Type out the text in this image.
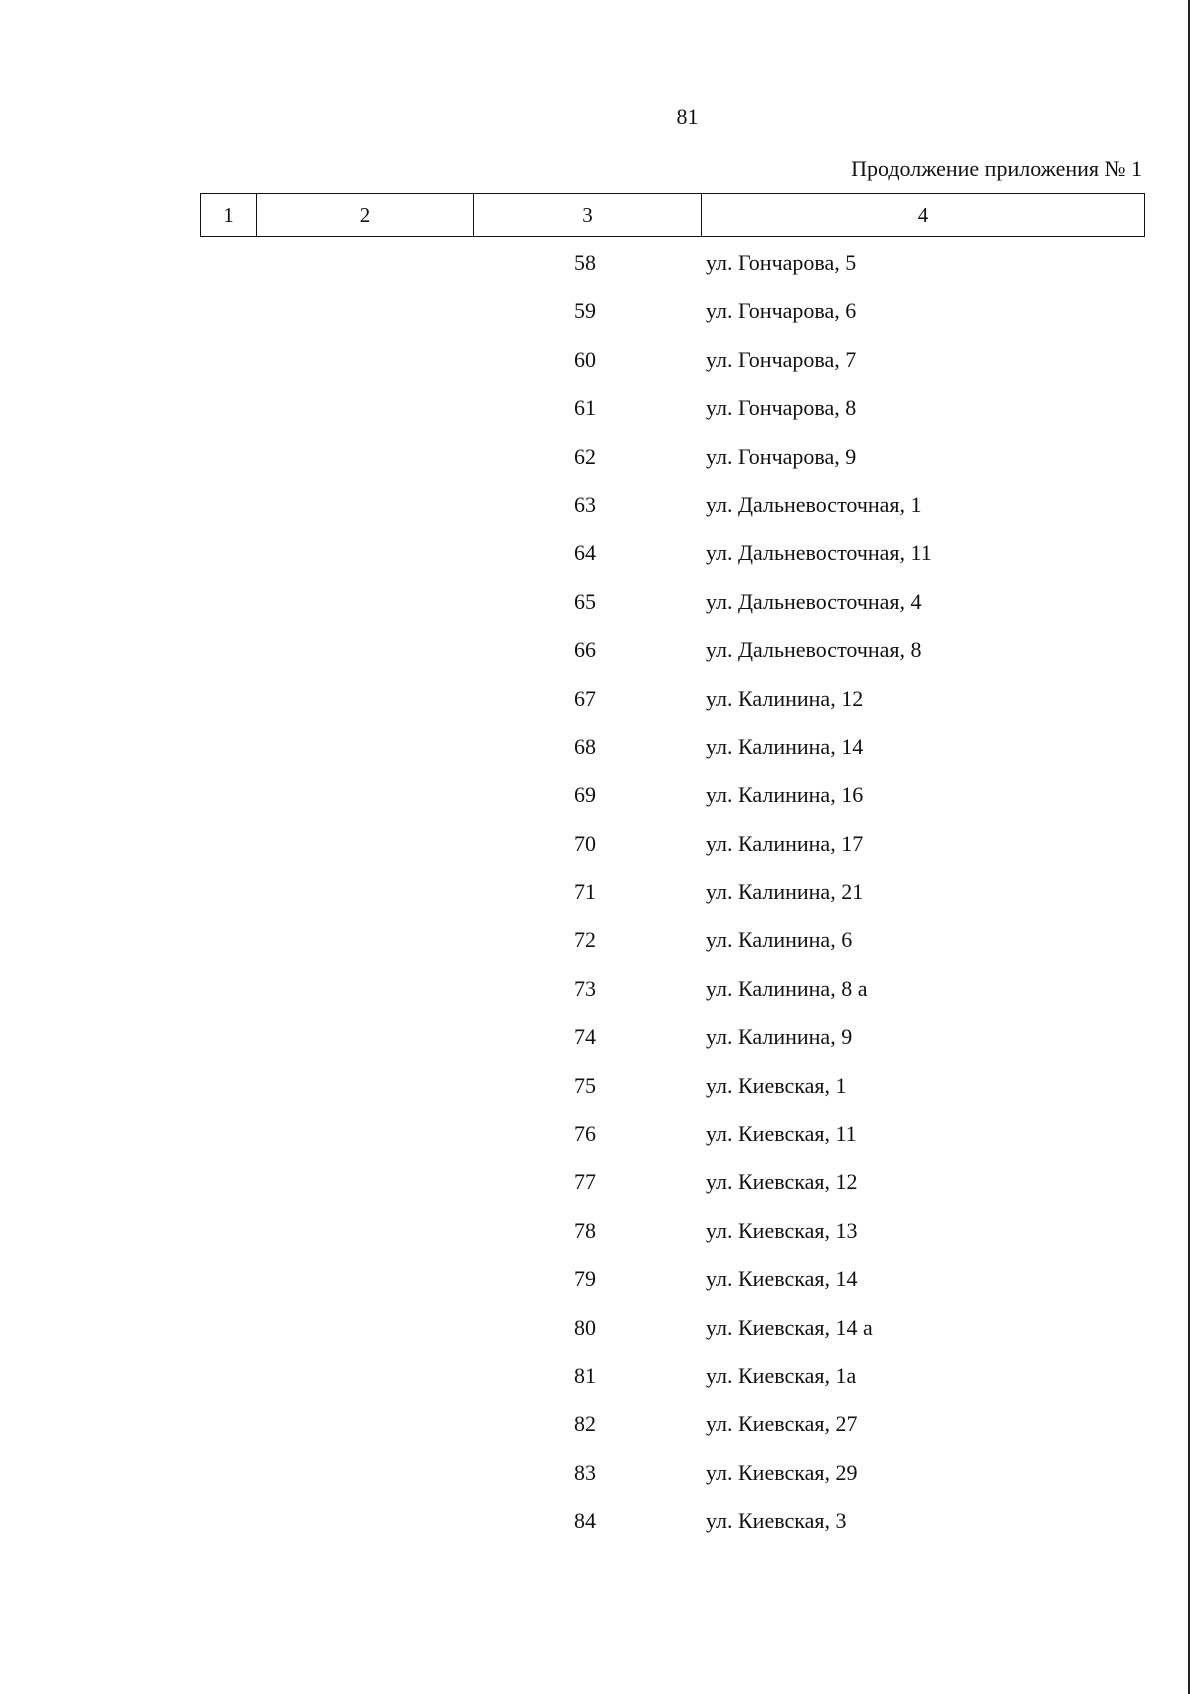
81
Продолжение приложения № 1
1	2	3	4
58	ул. Гончарова, 5
59	ул. Гончарова, 6
60	ул. Гончарова, 7
61	ул. Гончарова, 8
62	ул. Гончарова, 9
63	ул. Дальневосточная, 1
64	ул. Дальневосточная, 11
65	ул. Дальневосточная, 4
66	ул. Дальневосточная, 8
67	ул. Калинина, 12
68	ул. Калинина, 14
69	ул. Калинина, 16
70	ул. Калинина, 17
71	ул. Калинина, 21
72	ул. Калинина, 6
73	ул. Калинина, 8 а
74	ул. Калинина, 9
75	ул. Киевская, 1
76	ул. Киевская, 11
77	ул. Киевская, 12
78	ул. Киевская, 13
79	ул. Киевская, 14
80	ул. Киевская, 14 а
81	ул. Киевская, 1а
82	ул. Киевская, 27
83	ул. Киевская, 29
84	ул. Киевская, 3
